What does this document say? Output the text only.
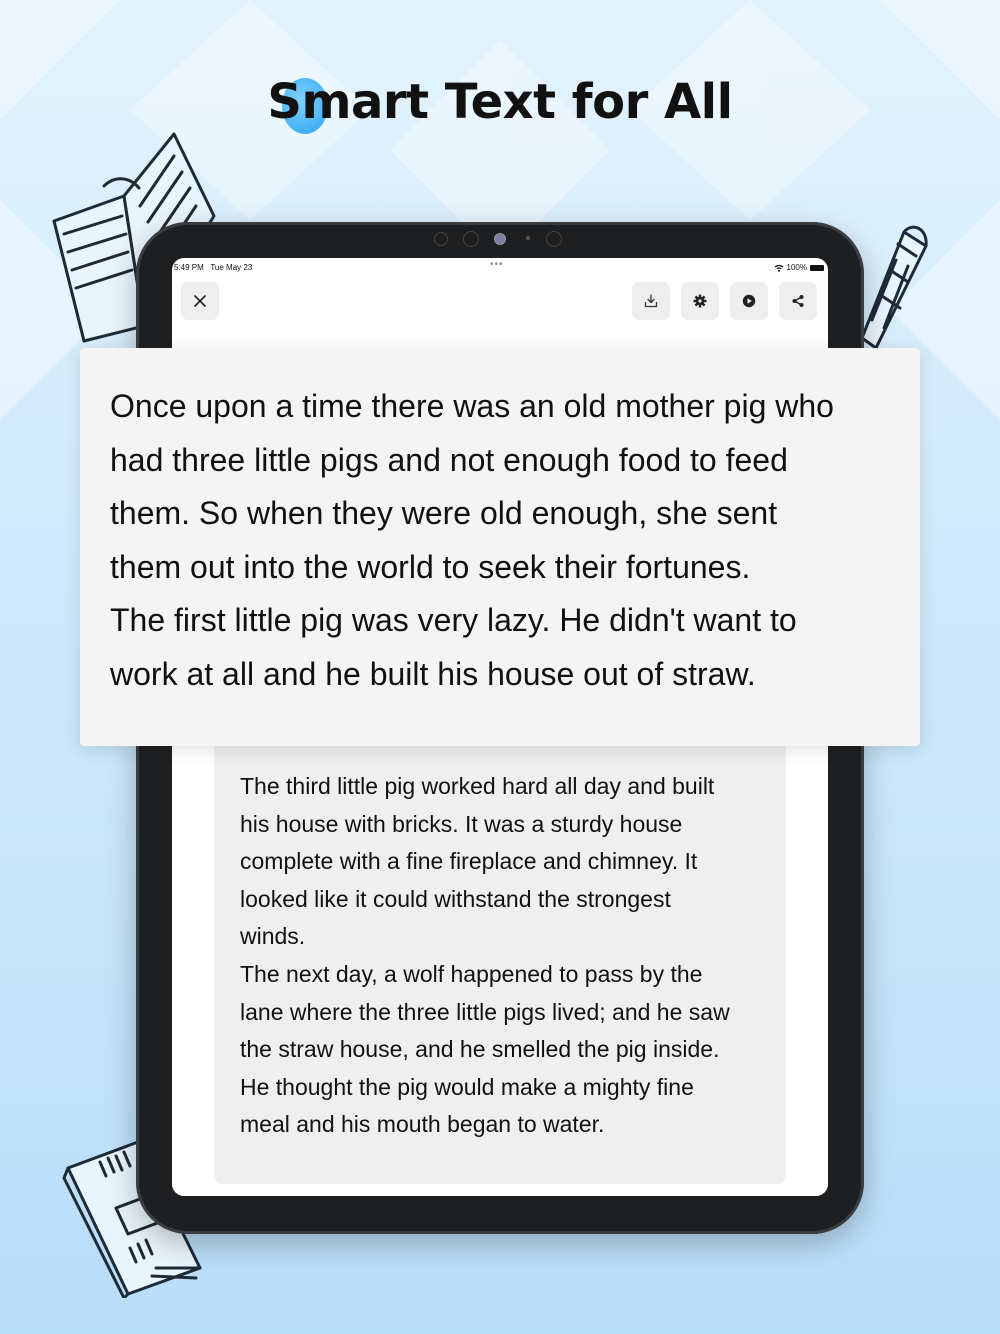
Smart Text for All
5:49 PM Tue May 23	•••	100%

The third little pig worked hard all day and built

his house with bricks. It was a sturdy house

complete with a fine fireplace and chimney. It

looked like it could withstand the strongest

winds.

The next day, a wolf happened to pass by the

lane where the three little pigs lived; and he saw

the straw house, and he smelled the pig inside.

He thought the pig would make a mighty fine

meal and his mouth began to water.

Once upon a time there was an old mother pig who

had three little pigs and not enough food to feed

them. So when they were old enough, she sent

them out into the world to seek their fortunes.

The first little pig was very lazy. He didn't want to

work at all and he built his house out of straw.
